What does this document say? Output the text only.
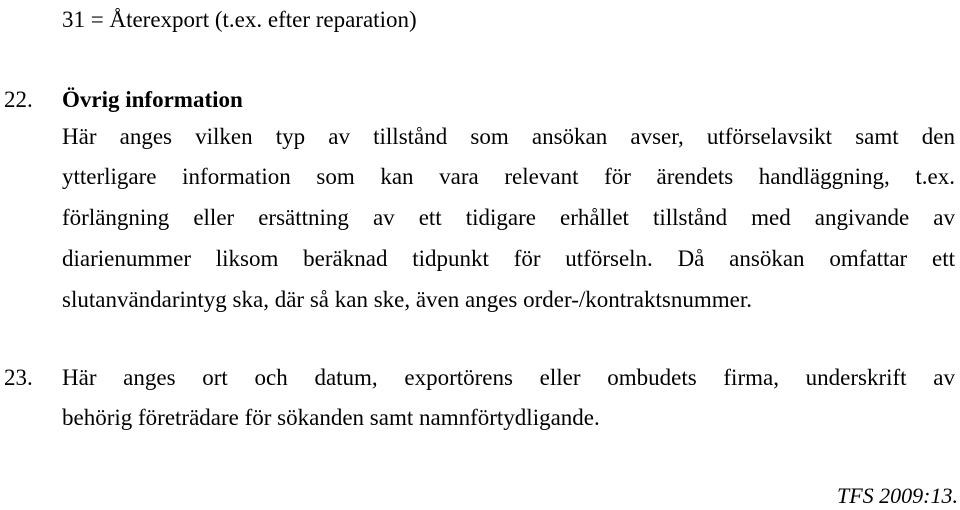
31 = Återexport (t.ex. efter reparation)
22. Övrig information
Här anges vilken typ av tillstånd som ansökan avser, utförselavsikt samt den
ytterligare information som kan vara relevant för ärendets handläggning, t.ex.
förlängning eller ersättning av ett tidigare erhållet tillstånd med angivande av
diarienummer liksom beräknad tidpunkt för utförseln. Då ansökan omfattar ett
slutanvändarintyg ska, där så kan ske, även anges order-/kontraktsnummer.
23. Här anges ort och datum, exportörens eller ombudets firma, underskrift av
behörig företrädare för sökanden samt namnförtydligande.
TFS 2009:13.
